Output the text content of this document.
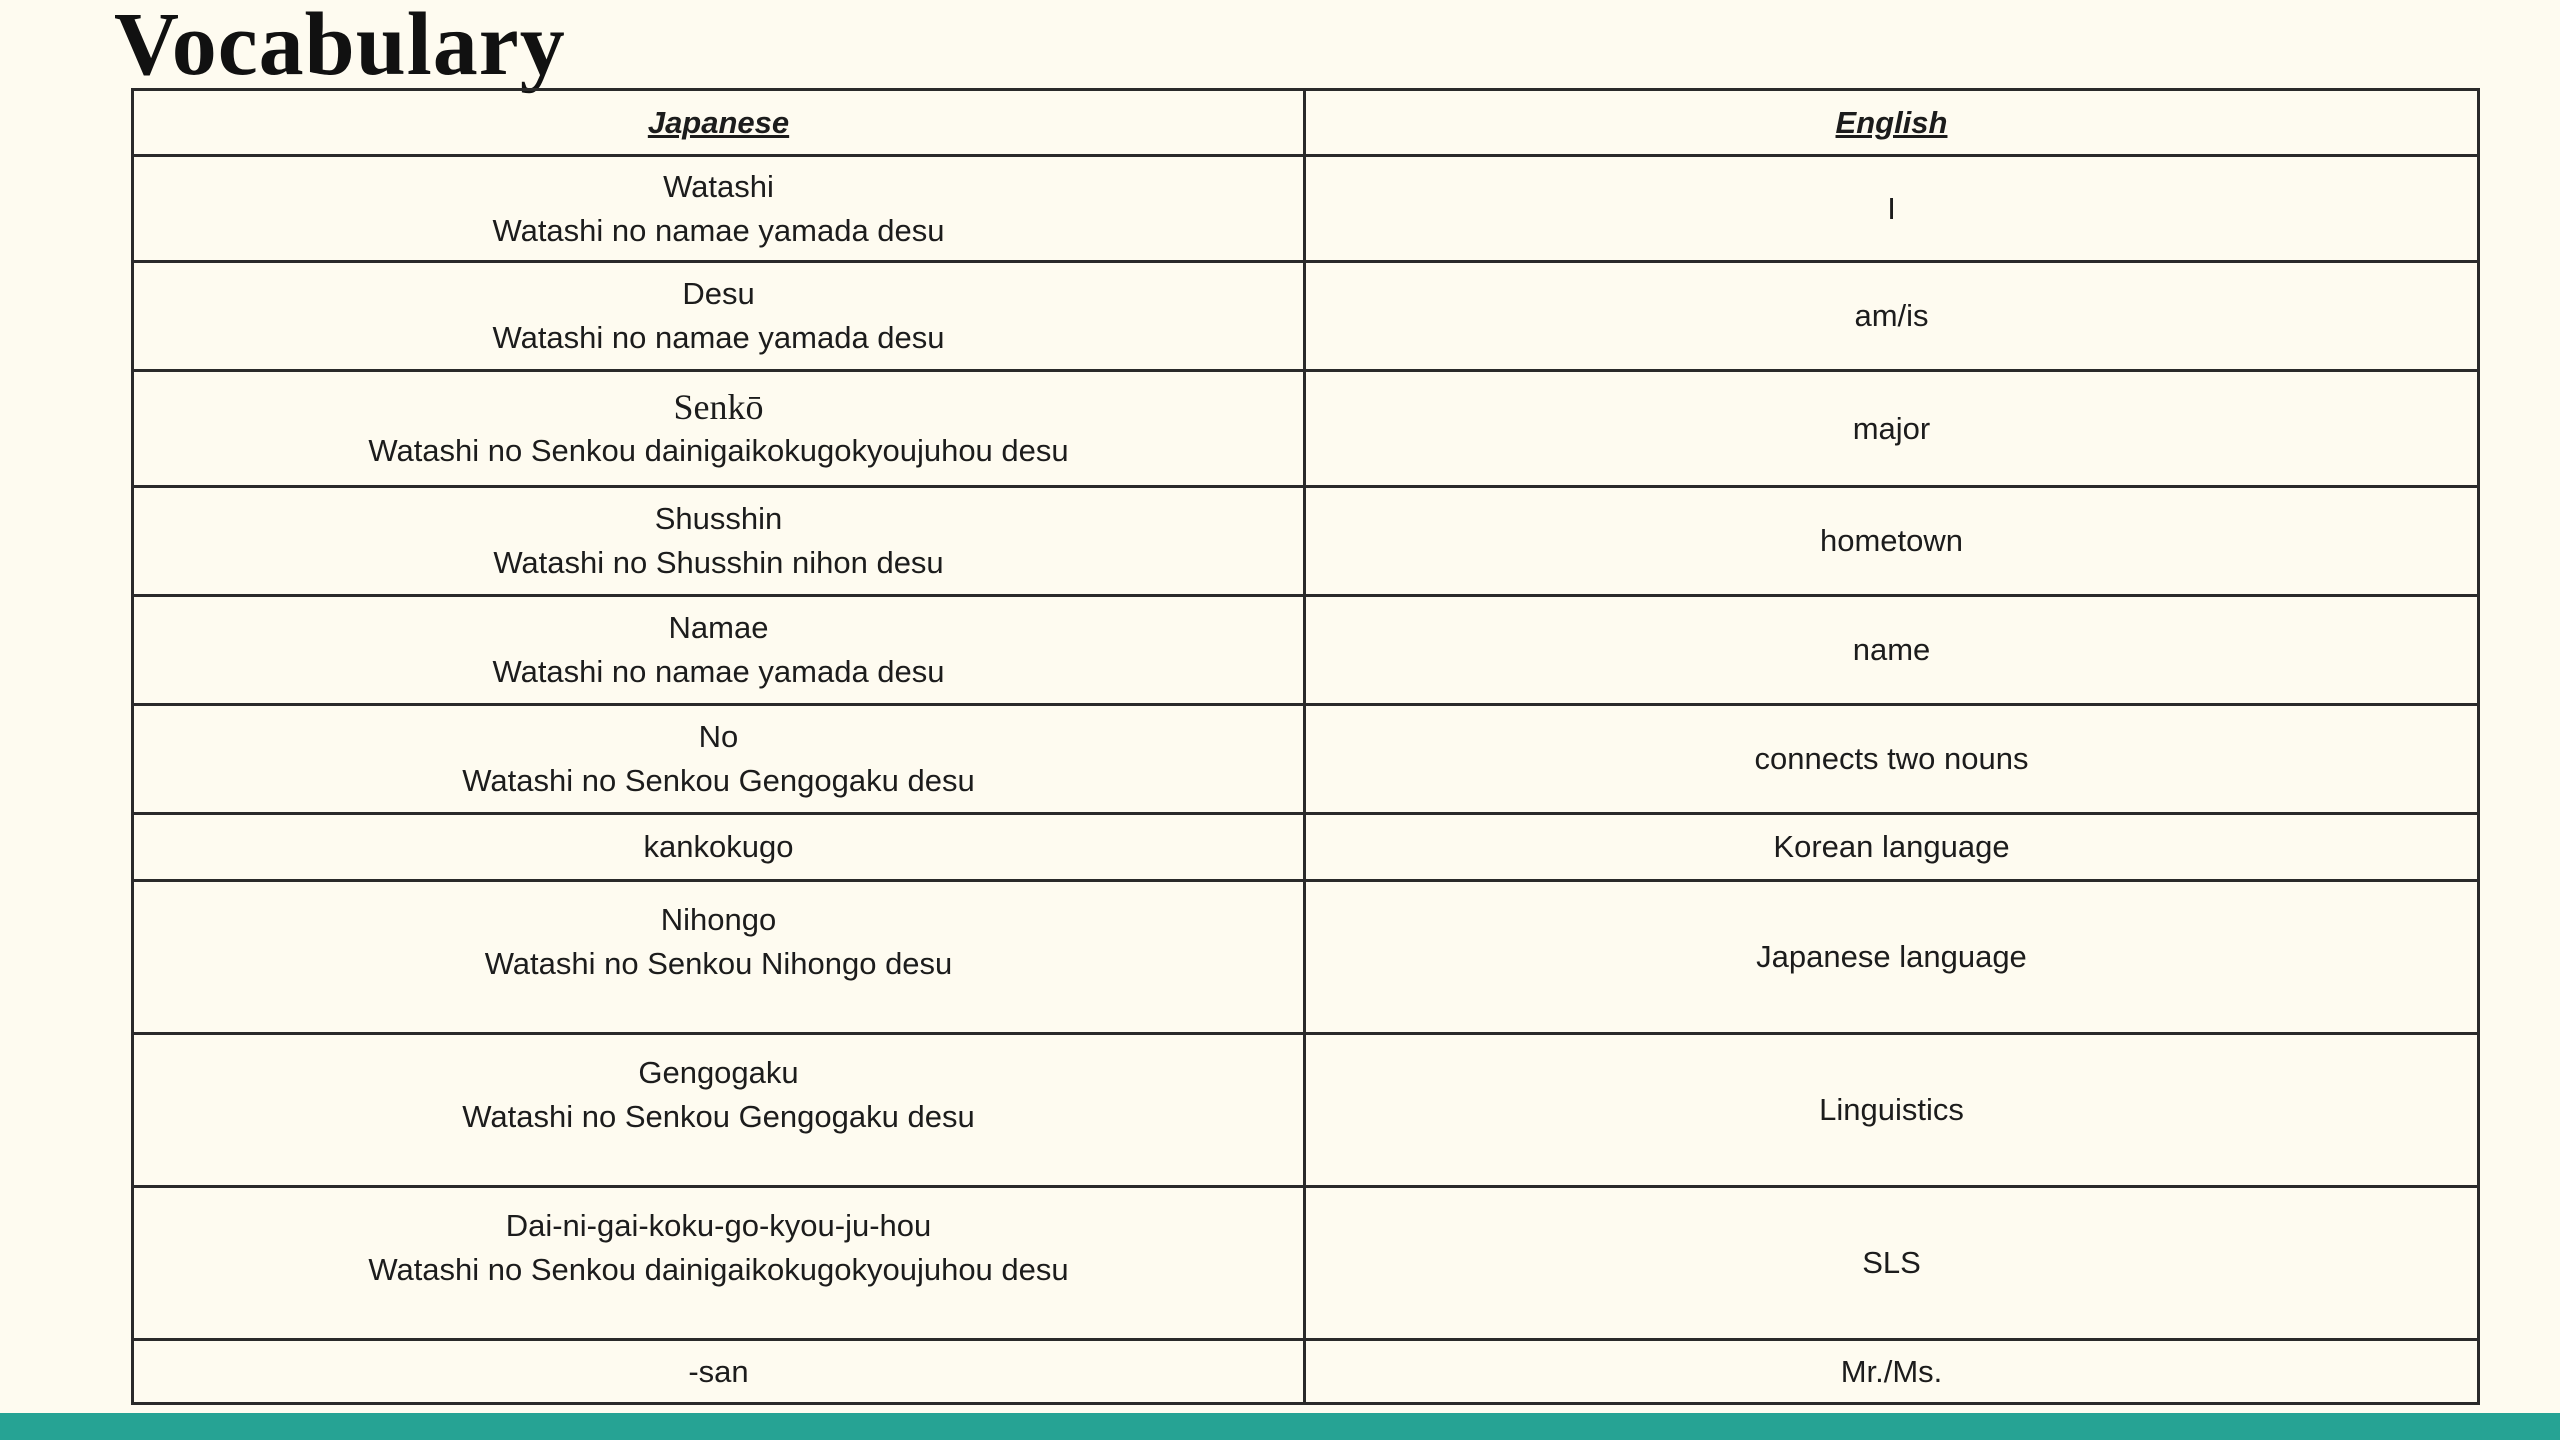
Vocabulary
Japanese	English

Watashi
Watashi no namae yamada desu	I

Desu
Watashi no namae yamada desu	am/is

Senkō
Watashi no Senkou dainigaikokugokyoujuhou desu	major

Shusshin
Watashi no Shusshin nihon desu	hometown

Namae
Watashi no namae yamada desu	name

No
Watashi no Senkou Gengogaku desu	connects two nouns

kankokugo	Korean language

Nihongo
Watashi no Senkou Nihongo desu	Japanese language

Gengogaku
Watashi no Senkou Gengogaku desu	Linguistics

Dai-ni-gai-koku-go-kyou-ju-hou
Watashi no Senkou dainigaikokugokyoujuhou desu	SLS

-san	Mr./Ms.
